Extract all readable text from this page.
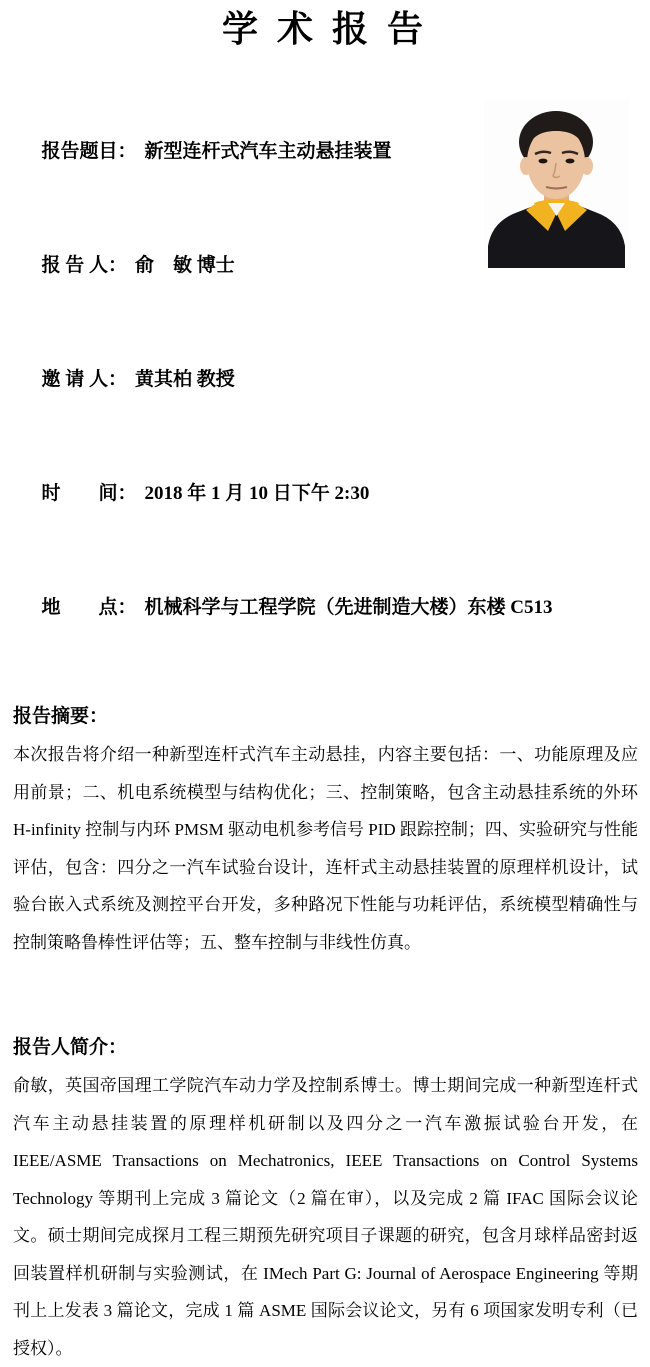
学 术 报 告

报告题目： 新型连杆式汽车主动悬挂装置

报 告 人： 俞　敏 博士

邀 请 人： 黄其柏 教授

时　　间： 2018 年 1 月 10 日下午 2:30

地　　点： 机械科学与工程学院（先进制造大楼）东楼 C513

报告摘要：

本次报告将介绍一种新型连杆式汽车主动悬挂，内容主要包括：一、功能原理及应用前景；二、机电系统模型与结构优化；三、控制策略，包含主动悬挂系统的外环 H-infinity 控制与内环 PMSM 驱动电机参考信号 PID 跟踪控制；四、实验研究与性能评估，包含：四分之一汽车试验台设计，连杆式主动悬挂装置的原理样机设计，试验台嵌入式系统及测控平台开发，多种路况下性能与功耗评估，系统模型精确性与控制策略鲁棒性评估等；五、整车控制与非线性仿真。

报告人简介：

俞敏，英国帝国理工学院汽车动力学及控制系博士。博士期间完成一种新型连杆式汽车主动悬挂装置的原理样机研制以及四分之一汽车激振试验台开发，在 IEEE/ASME Transactions on Mechatronics, IEEE Transactions on Control Systems Technology 等期刊上完成 3 篇论文（2 篇在审），以及完成 2 篇 IFAC 国际会议论文。硕士期间完成探月工程三期预先研究项目子课题的研究，包含月球样品密封返回装置样机研制与实验测试，在 IMech Part G: Journal of Aerospace Engineering 等期刊上上发表 3 篇论文，完成 1 篇 ASME 国际会议论文，另有 6 项国家发明专利（已授权）。
